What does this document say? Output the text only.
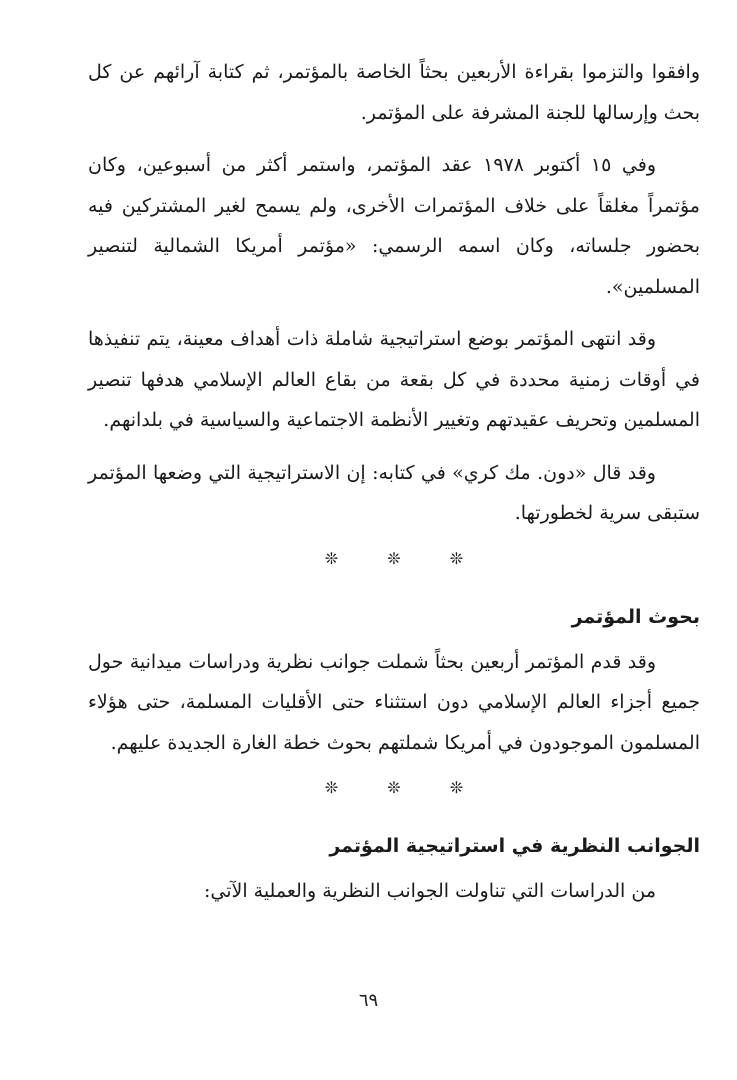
وافقوا والتزموا بقراءة الأربعين بحثاً الخاصة بالمؤتمر، ثم كتابة آرائهم عن كل بحث وإرسالها للجنة المشرفة على المؤتمر.

وفي ١٥ أكتوبر ١٩٧٨ عقد المؤتمر، واستمر أكثر من أسبوعين، وكان مؤتمراً مغلقاً على خلاف المؤتمرات الأخرى، ولم يسمح لغير المشتركين فيه بحضور جلساته، وكان اسمه الرسمي: «مؤتمر أمريكا الشمالية لتنصير المسلمين».

وقد انتهى المؤتمر بوضع استراتيجية شاملة ذات أهداف معينة، يتم تنفيذها في أوقات زمنية محددة في كل بقعة من بقاع العالم الإسلامي هدفها تنصير المسلمين وتحريف عقيدتهم وتغيير الأنظمة الاجتماعية والسياسية في بلدانهم.

وقد قال «دون. مك كري» في كتابه: إن الاستراتيجية التي وضعها المؤتمر ستبقى سرية لخطورتها.

❊ ❊ ❊
بحوث المؤتمر

وقد قدم المؤتمر أربعين بحثاً شملت جوانب نظرية ودراسات ميدانية حول جميع أجزاء العالم الإسلامي دون استثناء حتى الأقليات المسلمة، حتى هؤلاء المسلمون الموجودون في أمريكا شملتهم بحوث خطة الغارة الجديدة عليهم.

❊ ❊ ❊
الجوانب النظرية في استراتيجية المؤتمر

من الدراسات التي تناولت الجوانب النظرية والعملية الآتي:

٦٩
